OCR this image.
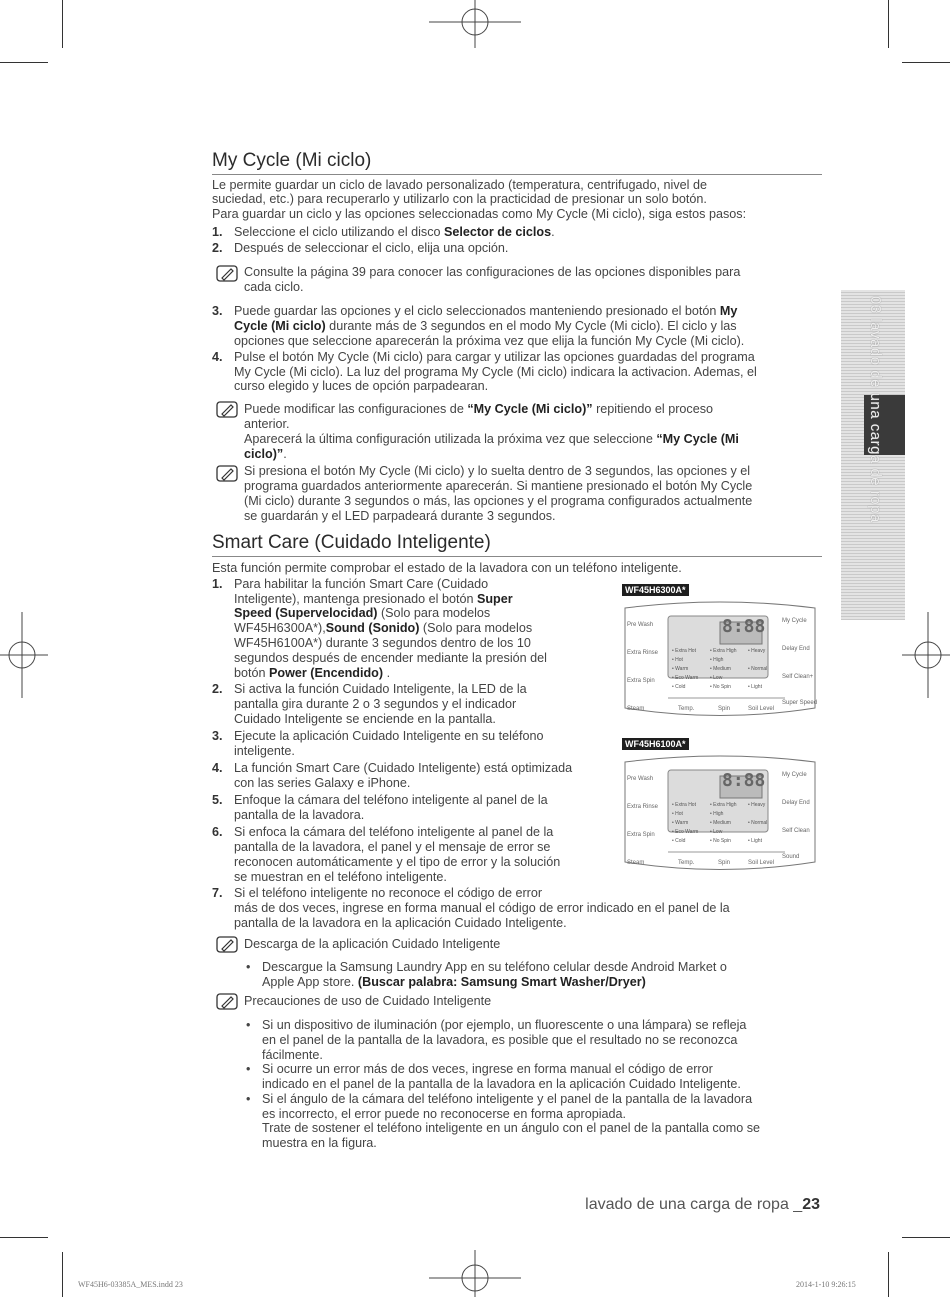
03 lavado de una carga de ropa
My Cycle (Mi ciclo)
Le permite guardar un ciclo de lavado personalizado (temperatura, centrifugado, nivel de
suciedad, etc.) para recuperarlo y utilizarlo con la practicidad de presionar un solo botón.
Para guardar un ciclo y las opciones seleccionadas como My Cycle (Mi ciclo), siga estos pasos:
1. Seleccione el ciclo utilizando el disco Selector de ciclos.
2. Después de seleccionar el ciclo, elija una opción.
Consulte la página 39 para conocer las configuraciones de las opciones disponibles para
cada ciclo.
3. Puede guardar las opciones y el ciclo seleccionados manteniendo presionado el botón My
Cycle (Mi ciclo) durante más de 3 segundos en el modo My Cycle (Mi ciclo). El ciclo y las
opciones que seleccione aparecerán la próxima vez que elija la función My Cycle (Mi ciclo).
4. Pulse el botón My Cycle (Mi ciclo) para cargar y utilizar las opciones guardadas del programa
My Cycle (Mi ciclo). La luz del programa My Cycle (Mi ciclo) indicara la activacion. Ademas, el
curso elegido y luces de opción parpadearan.
Puede modificar las configuraciones de “My Cycle (Mi ciclo)” repitiendo el proceso
anterior.
Aparecerá la última configuración utilizada la próxima vez que seleccione “My Cycle (Mi
ciclo)”.
Si presiona el botón My Cycle (Mi ciclo) y lo suelta dentro de 3 segundos, las opciones y el
programa guardados anteriormente aparecerán. Si mantiene presionado el botón My Cycle
(Mi ciclo) durante 3 segundos o más, las opciones y el programa configurados actualmente
se guardarán y el LED parpadeará durante 3 segundos.
Smart Care (Cuidado Inteligente)
Esta función permite comprobar el estado de la lavadora con un teléfono inteligente.
1. Para habilitar la función Smart Care (Cuidado
Inteligente), mantenga presionado el botón Super
Speed (Supervelocidad) (Solo para modelos
WF45H6300A*),Sound (Sonido) (Solo para modelos
WF45H6100A*) durante 3 segundos dentro de los 10
segundos después de encender mediante la presión del
botón Power (Encendido) .
2. Si activa la función Cuidado Inteligente, la LED de la
pantalla gira durante 2 o 3 segundos y el indicador
Cuidado Inteligente se enciende en la pantalla.
3. Ejecute la aplicación Cuidado Inteligente en su teléfono
inteligente.
4. La función Smart Care (Cuidado Inteligente) está optimizada
con las series Galaxy e iPhone.
5. Enfoque la cámara del teléfono inteligente al panel de la
pantalla de la lavadora.
6. Si enfoca la cámara del teléfono inteligente al panel de la
pantalla de la lavadora, el panel y el mensaje de error se
reconocen automáticamente y el tipo de error y la solución
se muestran en el teléfono inteligente.
7. Si el teléfono inteligente no reconoce el código de error
más de dos veces, ingrese en forma manual el código de error indicado en el panel de la
pantalla de la lavadora en la aplicación Cuidado Inteligente.
Descarga de la aplicación Cuidado Inteligente
• Descargue la Samsung Laundry App en su teléfono celular desde Android Market o
Apple App store. (Buscar palabra: Samsung Smart Washer/Dryer)
Precauciones de uso de Cuidado Inteligente
• Si un dispositivo de iluminación (por ejemplo, un fluorescente o una lámpara) se refleja
en el panel de la pantalla de la lavadora, es posible que el resultado no se reconozca
fácilmente.
• Si ocurre un error más de dos veces, ingrese en forma manual el código de error
indicado en el panel de la pantalla de la lavadora en la aplicación Cuidado Inteligente.
• Si el ángulo de la cámara del teléfono inteligente y el panel de la pantalla de la lavadora
es incorrecto, el error puede no reconocerse en forma apropiada.
Trate de sostener el teléfono inteligente en un ángulo con el panel de la pantalla como se
muestra en la figura.
WF45H6300A*
8:88
Pre Wash
Extra Rinse
Extra Spin
Steam
My Cycle
Delay End
Self Clean+
Super Speed
Temp.	Spin	Soil Level
WF45H6100A*
8:88
Pre Wash
Extra Rinse
Extra Spin
Steam
My Cycle
Delay End
Self Clean
Sound
Temp.	Spin	Soil Level
• Extra Hot
• Hot
• Warm
• Eco Warm
• Cold
• Extra High
• High
• Medium
• Low
• No Spin
• Heavy
• Normal
• Light
• Extra Hot
• Hot
• Warm
• Eco Warm
• Cold
• Extra High
• High
• Medium
• Low
• No Spin
• Heavy
• Normal
• Light
lavado de una carga de ropa _23
WF45H6-03385A_MES.indd 23	2014-1-10 9:26:15
